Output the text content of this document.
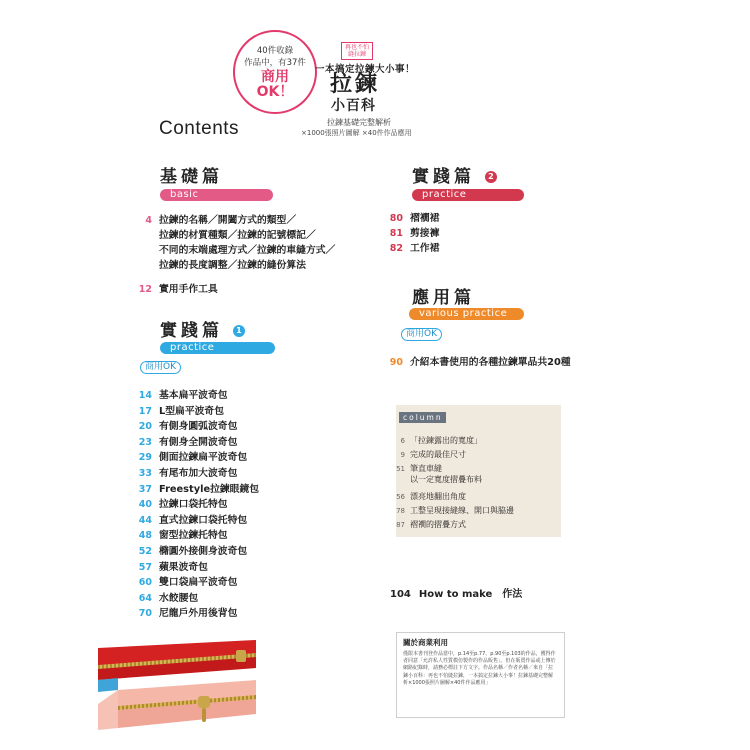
40件收錄
作品中，有37件
商用
OK！
再也不怕縫拉鍊
一本搞定拉鍊大小事！
拉鍊
小百科
拉鍊基礎完整解析
×1000張照片圖解 ×40件作品應用
Contents
基礎篇
basic
4 拉鍊的名稱／開闔方式的類型／
拉鍊的材質種類／拉鍊的記號標記／
不同的末端處理方式／拉鍊的車縫方式／
拉鍊的長度調整／拉鍊的縫份算法
12 實用手作工具
實踐篇 1
practice
商用OK
14 基本扁平波奇包
17 L型扁平波奇包
20 有側身圓弧波奇包
23 有側身全開波奇包
29 側面拉鍊扁平波奇包
33 有尾布加大波奇包
37 Freestyle拉鍊眼鏡包
40 拉鍊口袋托特包
44 直式拉鍊口袋托特包
48 窗型拉鍊托特包
52 橢圓外接側身波奇包
57 蘋果波奇包
60 雙口袋扁平波奇包
64 水餃腰包
70 尼龍戶外用後背包
實踐篇 2
practice
80 褶襉裙
81 剪接褲
82 工作裙
應用篇
various practice
商用OK
90 介紹本書使用的各種拉鍊單品共20種
column
6 「拉鍊露出的寬度」
9 完成的最佳尺寸
51 筆直車縫
以一定寬度摺疊布料
56 漂亮地翻出角度
78 工整呈現接縫線、開口與脇邊
87 褶襉的摺疊方式
104 How to make　作法
關於商業利用
僅限本書刊登作品當中，p.14至p.77、p.90至p.103的作品，獲得作者同意「允許私人性質模仿製作的作品販售」。但在販賣作品或上傳於網路紀錄時，請務必標註下方文字。作品名稱／作者名稱／來自「拉鍊小百科：再也不怕縫拉鍊，一本搞定拉鍊大小事！拉鍊基礎完整解析×1000張照片圖解×40件作品應用」
